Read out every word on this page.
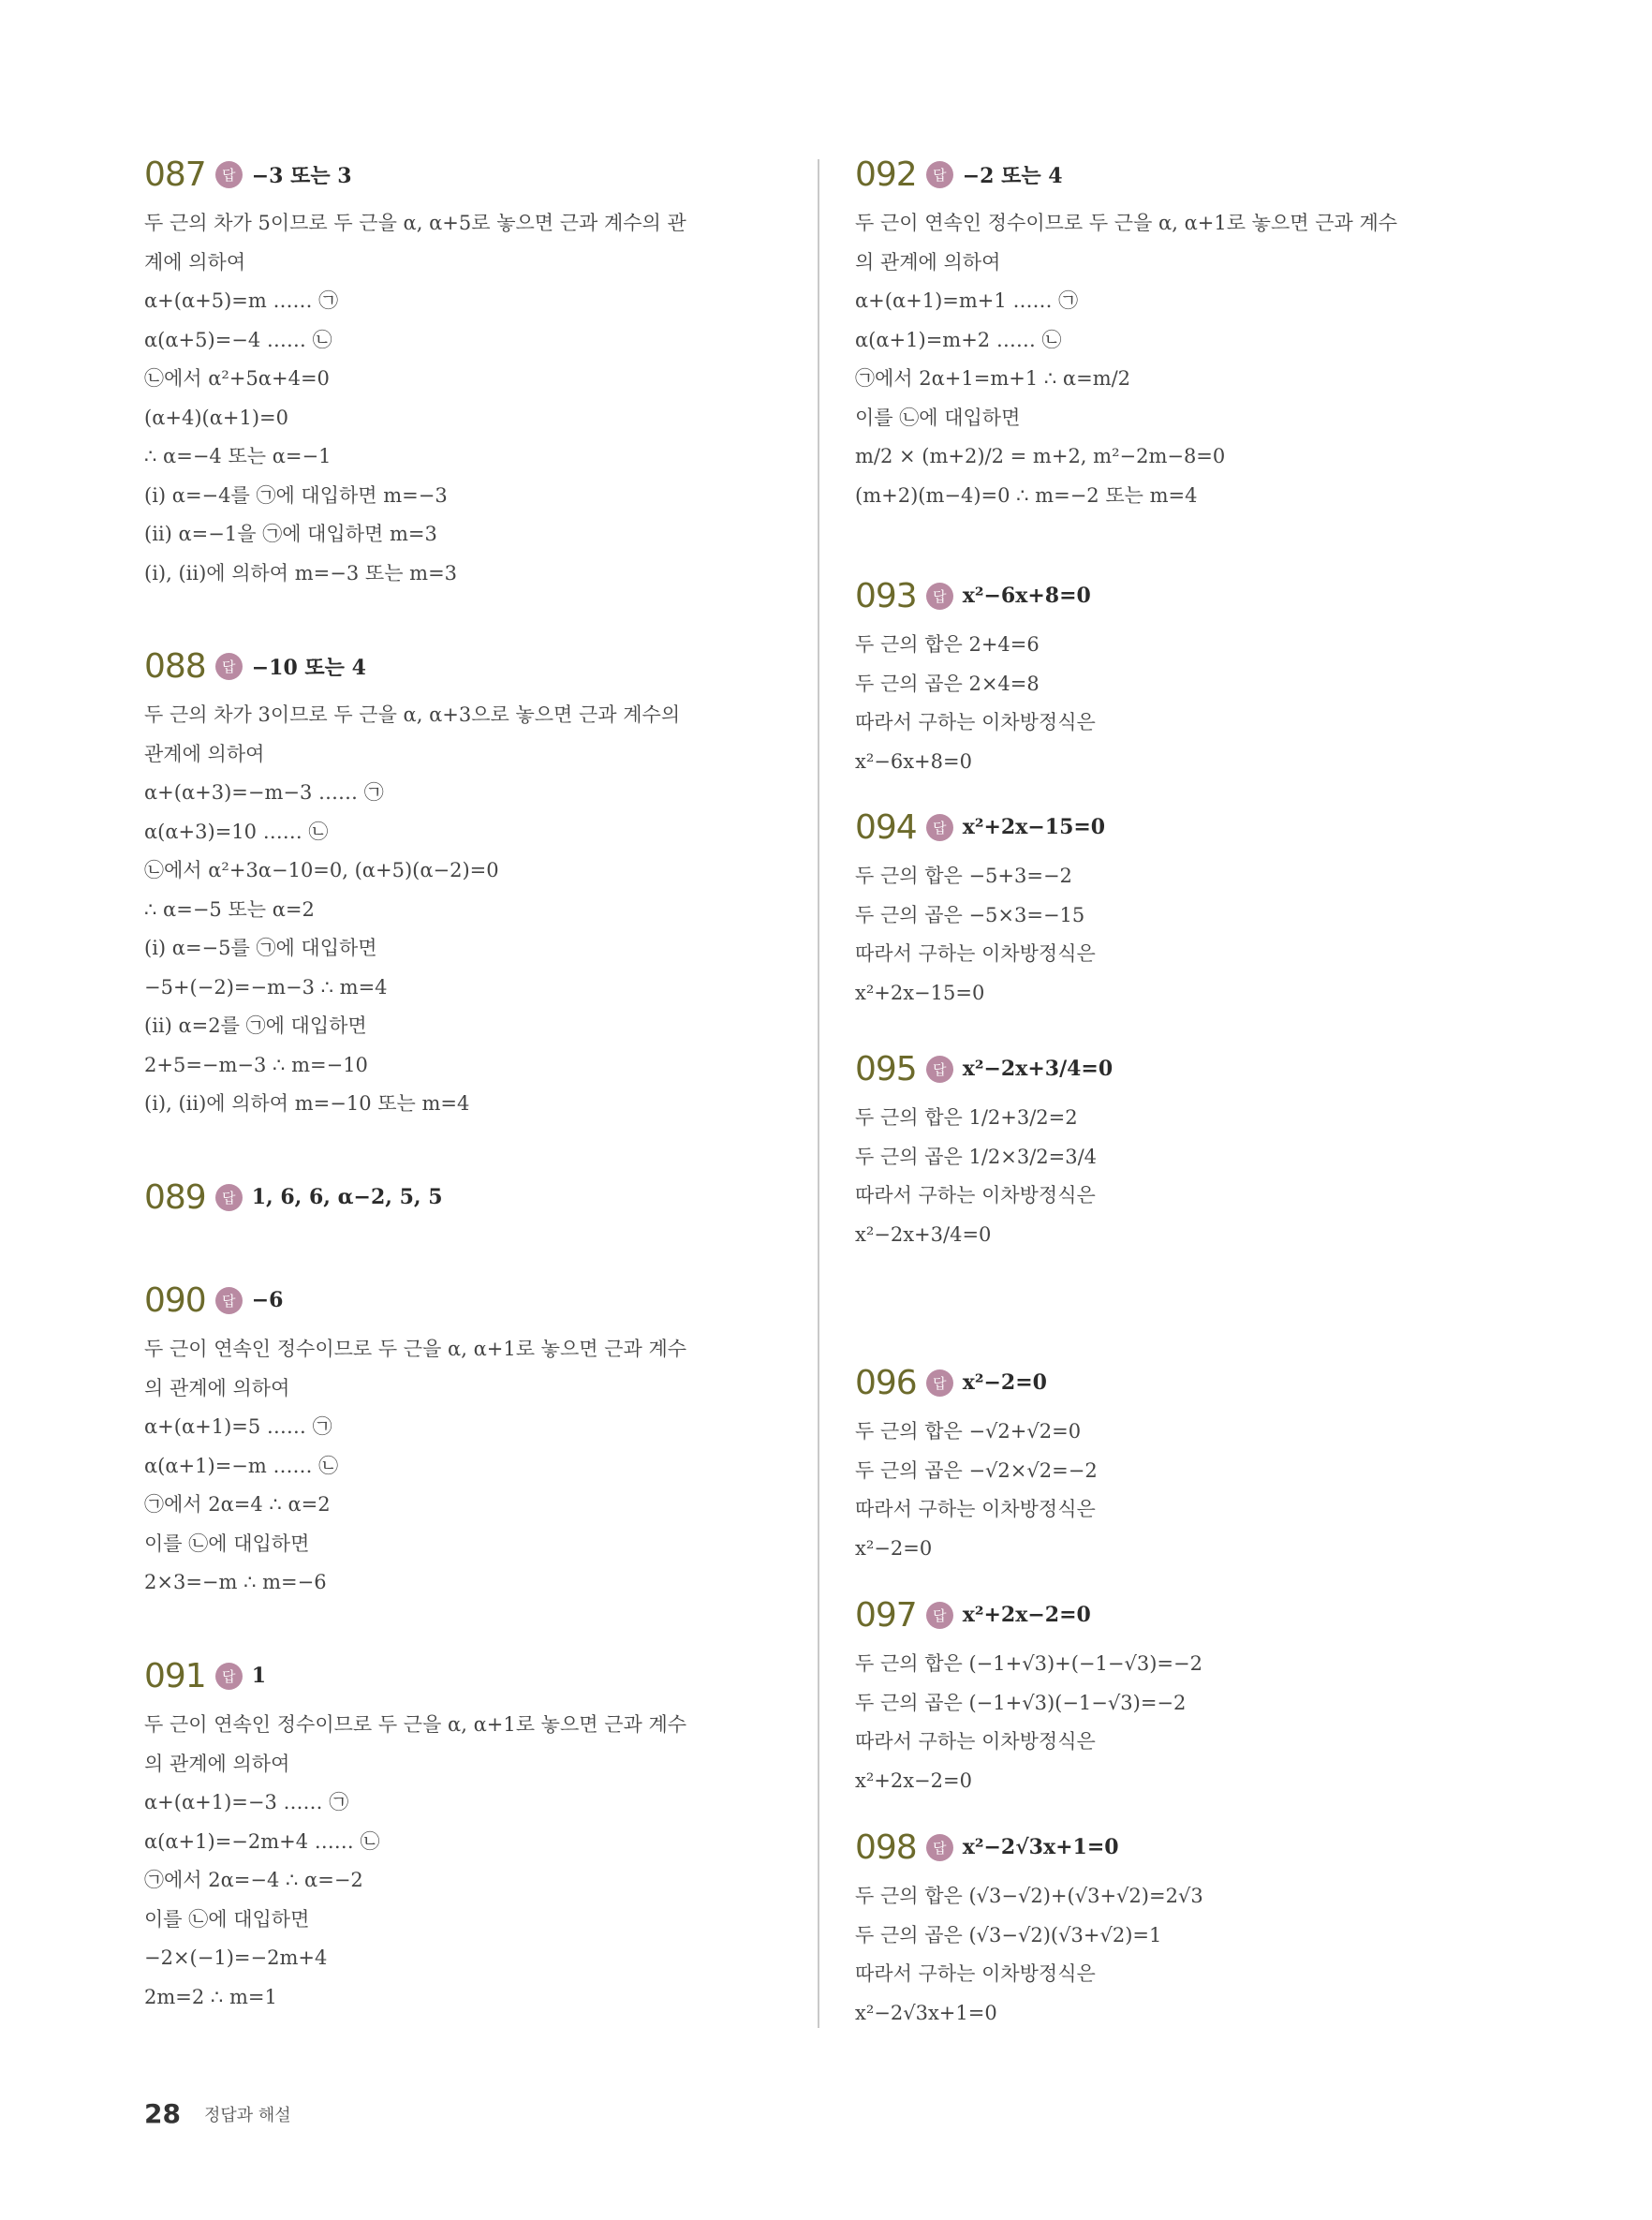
087	답 −3 또는 3
두 근의 차가 5이므로 두 근을 α, α+5로 놓으면 근과 계수의 관
계에 의하여
α+(α+5)=m …… ㉠
α(α+5)=−4 …… ㉡
㉡에서 α²+5α+4=0
(α+4)(α+1)=0
∴ α=−4 또는 α=−1
(ⅰ) α=−4를 ㉠에 대입하면 m=−3
(ⅱ) α=−1을 ㉠에 대입하면 m=3
(ⅰ), (ⅱ)에 의하여 m=−3 또는 m=3
088	답 −10 또는 4
두 근의 차가 3이므로 두 근을 α, α+3으로 놓으면 근과 계수의
관계에 의하여
α+(α+3)=−m−3 …… ㉠
α(α+3)=10 …… ㉡
㉡에서 α²+3α−10=0, (α+5)(α−2)=0
∴ α=−5 또는 α=2
(ⅰ) α=−5를 ㉠에 대입하면
−5+(−2)=−m−3 ∴ m=4
(ⅱ) α=2를 ㉠에 대입하면
2+5=−m−3 ∴ m=−10
(ⅰ), (ⅱ)에 의하여 m=−10 또는 m=4
089	답 1, 6, 6, α−2, 5, 5
090	답 −6
두 근이 연속인 정수이므로 두 근을 α, α+1로 놓으면 근과 계수
의 관계에 의하여
α+(α+1)=5 …… ㉠
α(α+1)=−m …… ㉡
㉠에서 2α=4 ∴ α=2
이를 ㉡에 대입하면
2×3=−m ∴ m=−6
091	답 1
두 근이 연속인 정수이므로 두 근을 α, α+1로 놓으면 근과 계수
의 관계에 의하여
α+(α+1)=−3 …… ㉠
α(α+1)=−2m+4 …… ㉡
㉠에서 2α=−4 ∴ α=−2
이를 ㉡에 대입하면
−2×(−1)=−2m+4
2m=2 ∴ m=1
092	답 −2 또는 4
두 근이 연속인 정수이므로 두 근을 α, α+1로 놓으면 근과 계수
의 관계에 의하여
α+(α+1)=m+1 …… ㉠
α(α+1)=m+2 …… ㉡
㉠에서 2α+1=m+1 ∴ α=m/2
이를 ㉡에 대입하면
m/2 × (m+2)/2 = m+2, m²−2m−8=0
(m+2)(m−4)=0 ∴ m=−2 또는 m=4
093	답 x²−6x+8=0
두 근의 합은 2+4=6
두 근의 곱은 2×4=8
따라서 구하는 이차방정식은
x²−6x+8=0
094	답 x²+2x−15=0
두 근의 합은 −5+3=−2
두 근의 곱은 −5×3=−15
따라서 구하는 이차방정식은
x²+2x−15=0
095	답 x²−2x+3/4=0
두 근의 합은 1/2+3/2=2
두 근의 곱은 1/2×3/2=3/4
따라서 구하는 이차방정식은
x²−2x+3/4=0
096	답 x²−2=0
두 근의 합은 −√2+√2=0
두 근의 곱은 −√2×√2=−2
따라서 구하는 이차방정식은
x²−2=0
097	답 x²+2x−2=0
두 근의 합은 (−1+√3)+(−1−√3)=−2
두 근의 곱은 (−1+√3)(−1−√3)=−2
따라서 구하는 이차방정식은
x²+2x−2=0
098	답 x²−2√3x+1=0
두 근의 합은 (√3−√2)+(√3+√2)=2√3
두 근의 곱은 (√3−√2)(√3+√2)=1
따라서 구하는 이차방정식은
x²−2√3x+1=0
28 정답과 해설
